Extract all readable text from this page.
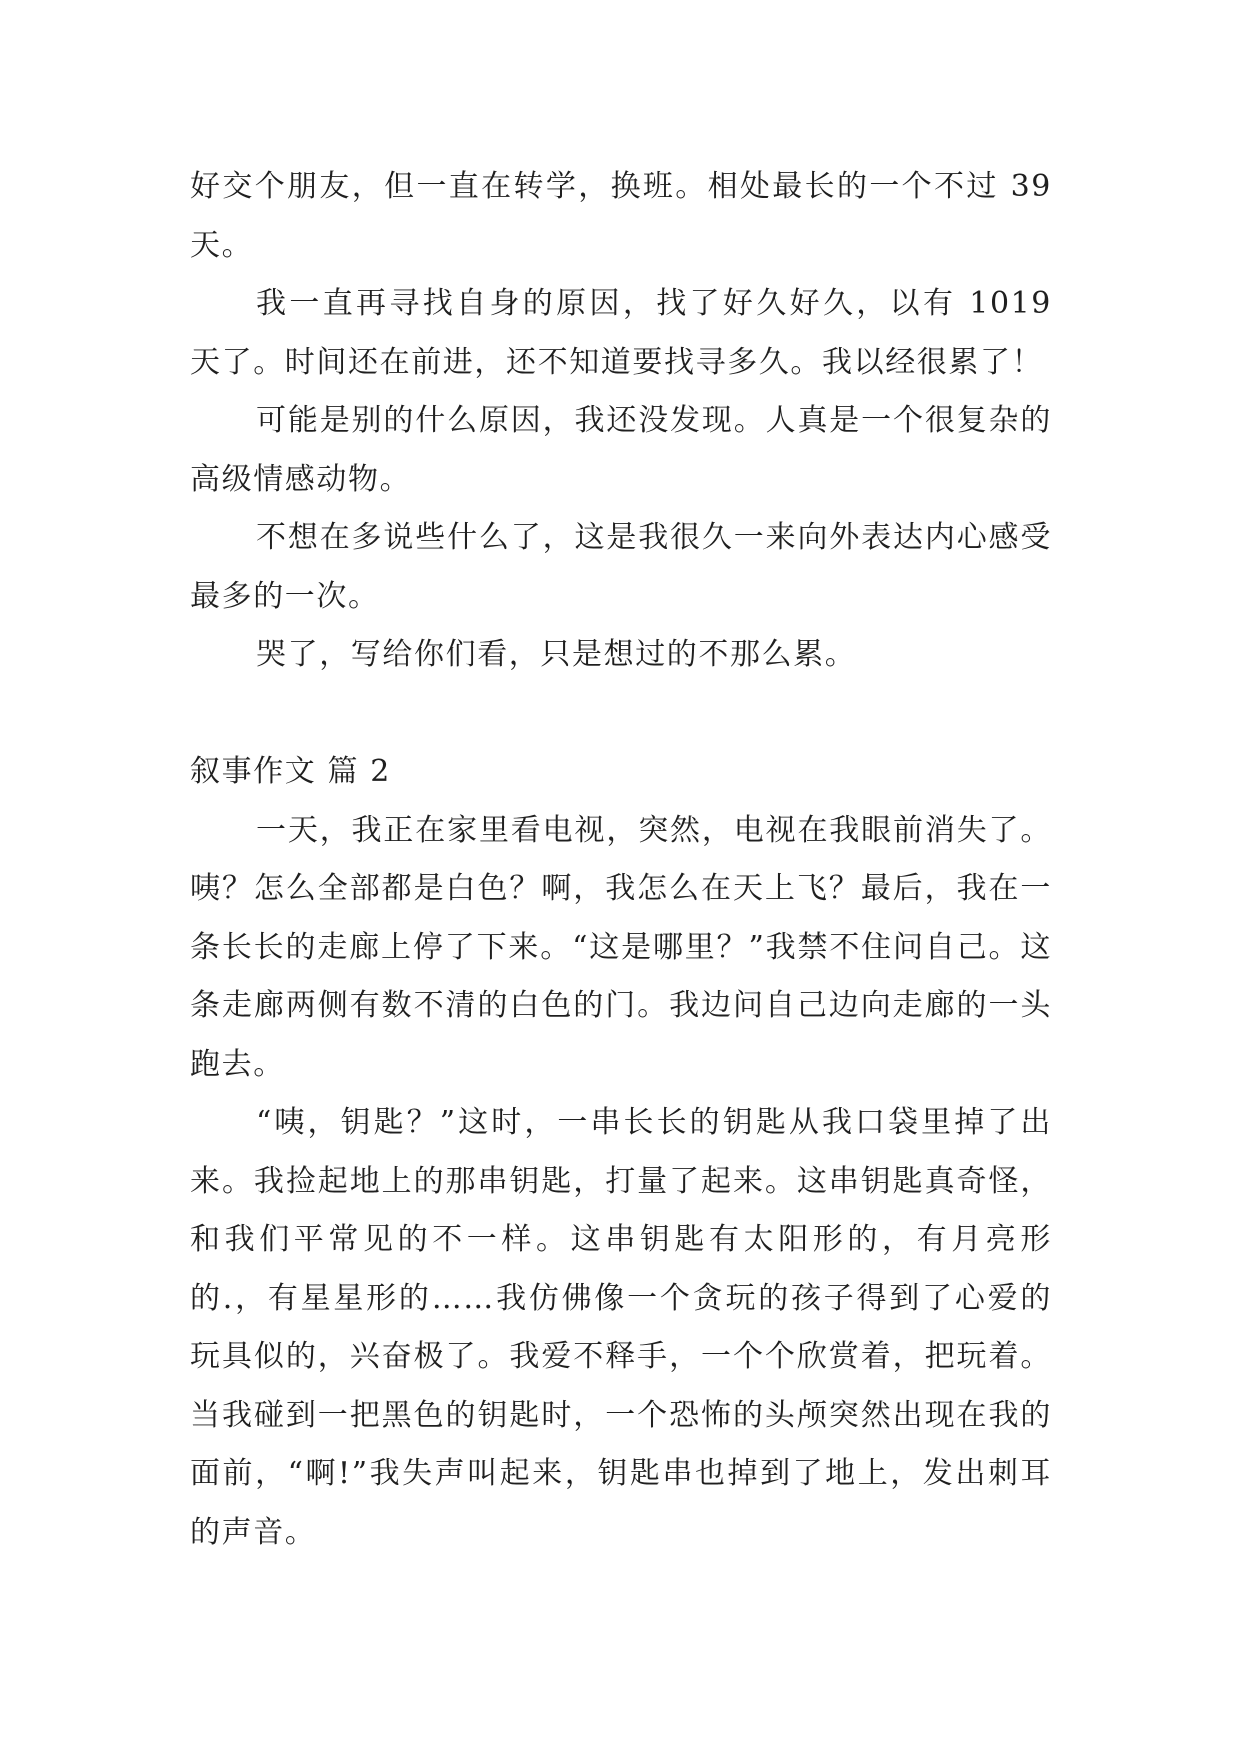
好交个朋友，但一直在转学，换班。相处最长的一个不过 39 天。

我一直再寻找自身的原因，找了好久好久，以有 1019 天了。时间还在前进，还不知道要找寻多久。我以经很累了！

可能是别的什么原因，我还没发现。人真是一个很复杂的高级情感动物。

不想在多说些什么了，这是我很久一来向外表达内心感受最多的一次。

哭了，写给你们看，只是想过的不那么累。

叙事作文 篇 2

一天，我正在家里看电视，突然，电视在我眼前消失了。咦？怎么全部都是白色？啊，我怎么在天上飞？最后，我在一条长长的走廊上停了下来。“这是哪里？”我禁不住问自己。这条走廊两侧有数不清的白色的门。我边问自己边向走廊的一头跑去。

“咦，钥匙？”这时，一串长长的钥匙从我口袋里掉了出来。我捡起地上的那串钥匙，打量了起来。这串钥匙真奇怪，和我们平常见的不一样。这串钥匙有太阳形的，有月亮形的.，有星星形的……我仿佛像一个贪玩的孩子得到了心爱的玩具似的，兴奋极了。我爱不释手，一个个欣赏着，把玩着。当我碰到一把黑色的钥匙时，一个恐怖的头颅突然出现在我的面前，“啊!”我失声叫起来，钥匙串也掉到了地上，发出刺耳的声音。
